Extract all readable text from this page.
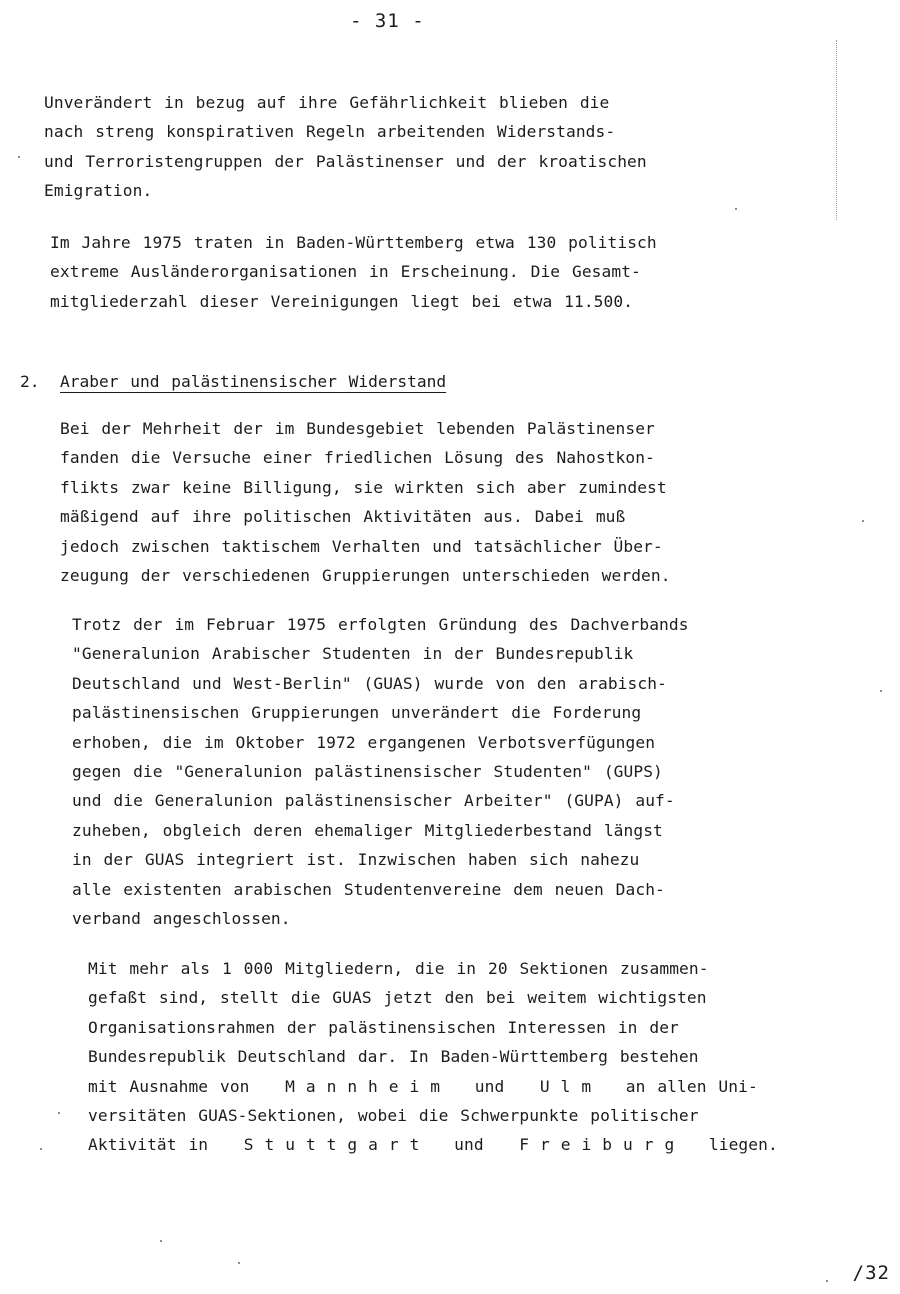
- 31 -
Unverändert in bezug auf ihre Gefährlichkeit blieben die
nach streng konspirativen Regeln arbeitenden Widerstands-
und Terroristengruppen der Palästinenser und der kroatischen
Emigration.
Im Jahre 1975 traten in Baden-Württemberg etwa 130 politisch
extreme Ausländerorganisationen in Erscheinung. Die Gesamt-
mitgliederzahl dieser Vereinigungen liegt bei etwa 11.500.
2. Araber und palästinensischer Widerstand
Bei der Mehrheit der im Bundesgebiet lebenden Palästinenser
fanden die Versuche einer friedlichen Lösung des Nahostkon-
flikts zwar keine Billigung, sie wirkten sich aber zumindest
mäßigend auf ihre politischen Aktivitäten aus. Dabei muß
jedoch zwischen taktischem Verhalten und tatsächlicher Über-
zeugung der verschiedenen Gruppierungen unterschieden werden.
Trotz der im Februar 1975 erfolgten Gründung des Dachverbands
"Generalunion Arabischer Studenten in der Bundesrepublik
Deutschland und West-Berlin" (GUAS) wurde von den arabisch-
palästinensischen Gruppierungen unverändert die Forderung
erhoben, die im Oktober 1972 ergangenen Verbotsverfügungen
gegen die "Generalunion palästinensischer Studenten" (GUPS)
und die Generalunion palästinensischer Arbeiter" (GUPA) auf-
zuheben, obgleich deren ehemaliger Mitgliederbestand längst
in der GUAS integriert ist. Inzwischen haben sich nahezu
alle existenten arabischen Studentenvereine dem neuen Dach-
verband angeschlossen.
Mit mehr als 1 000 Mitgliedern, die in 20 Sektionen zusammen-
gefaßt sind, stellt die GUAS jetzt den bei weitem wichtigsten
Organisationsrahmen der palästinensischen Interessen in der
Bundesrepublik Deutschland dar. In Baden-Württemberg bestehen
mit Ausnahme von Mannheim und Ulm an allen Uni-
versitäten GUAS-Sektionen, wobei die Schwerpunkte politischer
Aktivität in Stuttgart und Freiburg liegen.
/32
